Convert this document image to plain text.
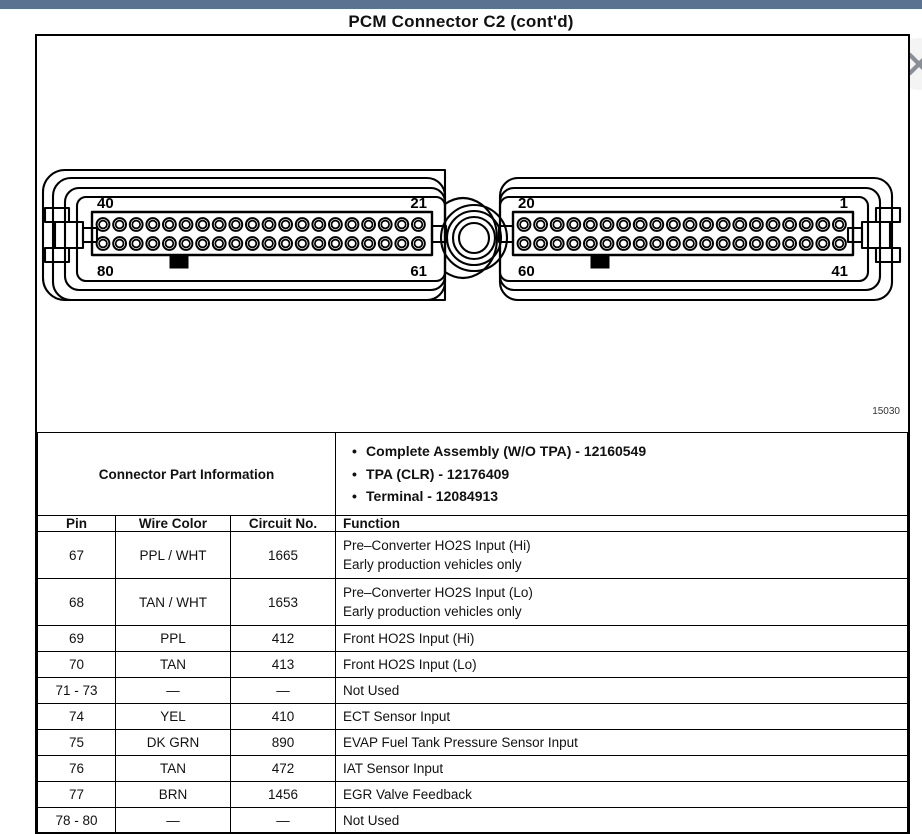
PCM Connector C2 (cont'd)
40	21
80	61
20	1
60	41
15030
Connector Part Information	
• Complete Assembly (W/O TPA) - 12160549
• TPA (CLR) - 12176409
• Terminal - 12084913

Pin	Wire Color	Circuit No.	Function
67	PPL / WHT	1665	Pre–Converter HO2S Input (Hi)
Early production vehicles only

68	TAN / WHT	1653	Pre–Converter HO2S Input (Lo)
Early production vehicles only

69	PPL	412	Front HO2S Input (Hi)
70	TAN	413	Front HO2S Input (Lo)
71 - 73	—	—	Not Used
74	YEL	410	ECT Sensor Input
75	DK GRN	890	EVAP Fuel Tank Pressure Sensor Input
76	TAN	472	IAT Sensor Input
77	BRN	1456	EGR Valve Feedback
78 - 80	—	—	Not Used
